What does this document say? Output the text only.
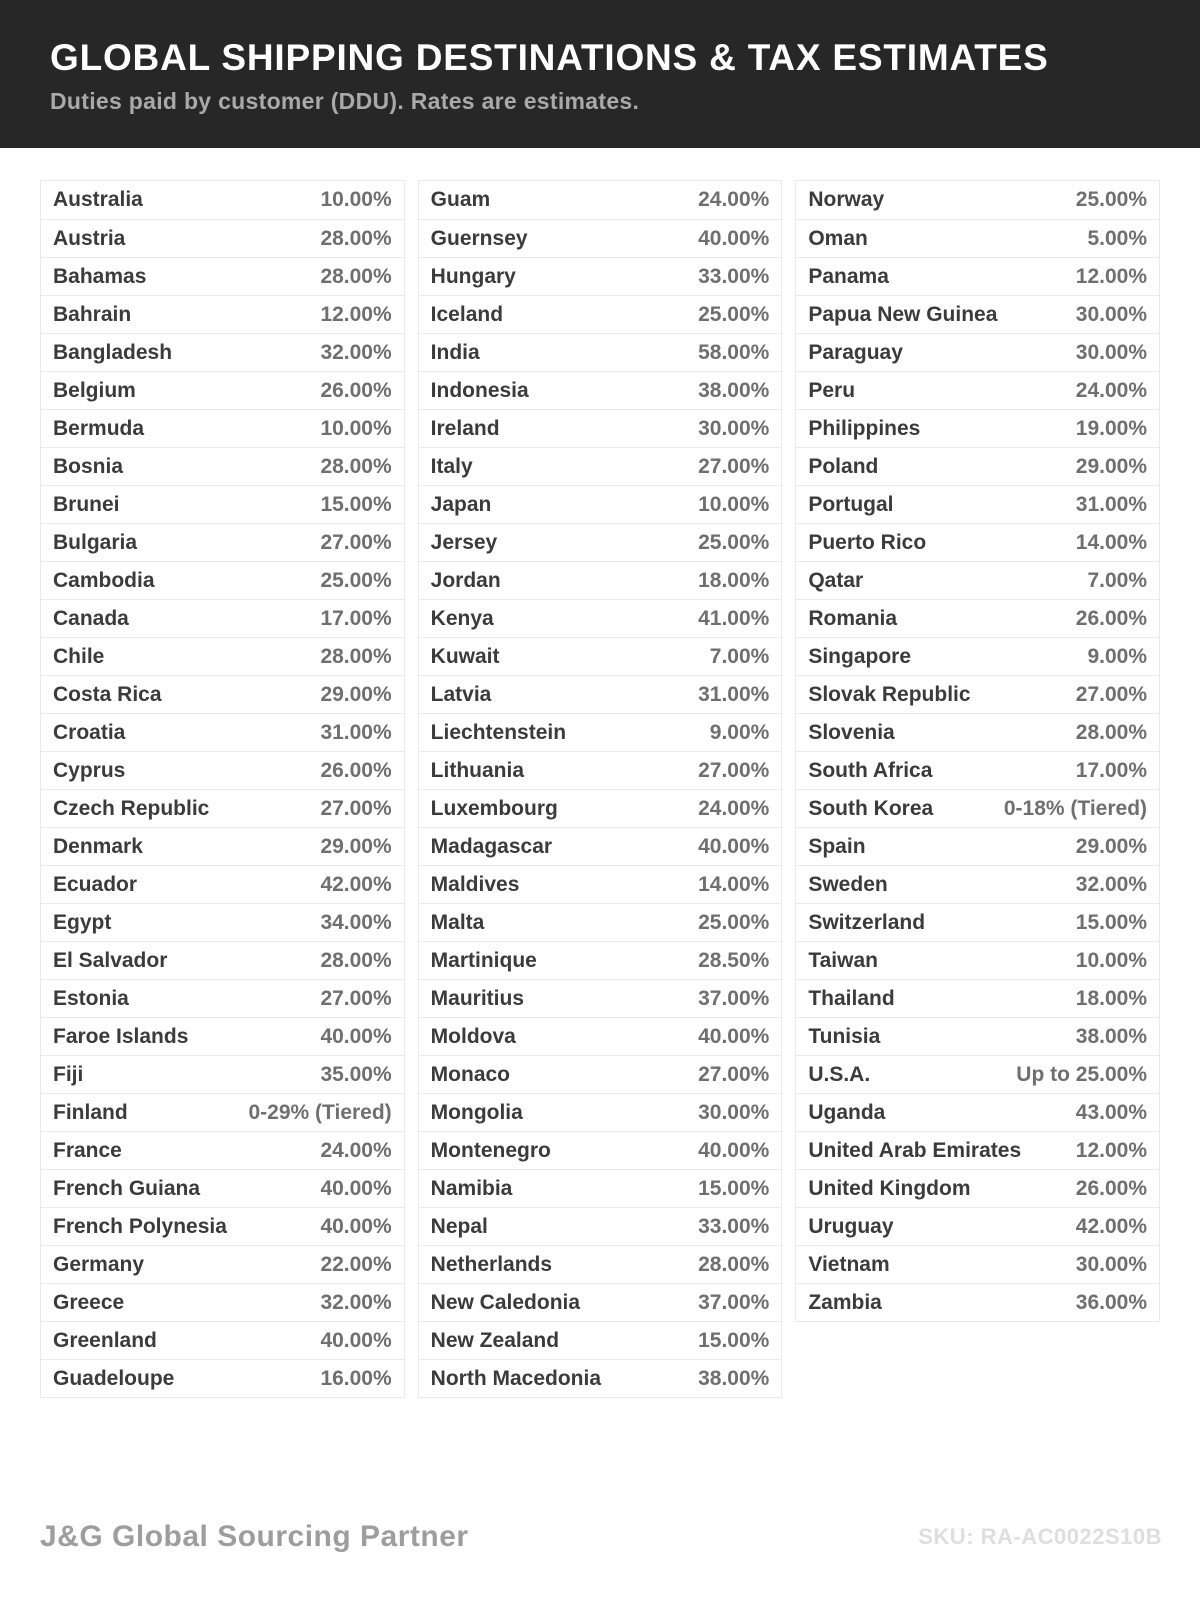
GLOBAL SHIPPING DESTINATIONS & TAX ESTIMATES
Duties paid by customer (DDU). Rates are estimates.
Australia	10.00%
Austria	28.00%
Bahamas	28.00%
Bahrain	12.00%
Bangladesh	32.00%
Belgium	26.00%
Bermuda	10.00%
Bosnia	28.00%
Brunei	15.00%
Bulgaria	27.00%
Cambodia	25.00%
Canada	17.00%
Chile	28.00%
Costa Rica	29.00%
Croatia	31.00%
Cyprus	26.00%
Czech Republic	27.00%
Denmark	29.00%
Ecuador	42.00%
Egypt	34.00%
El Salvador	28.00%
Estonia	27.00%
Faroe Islands	40.00%
Fiji	35.00%
Finland	0-29% (Tiered)
France	24.00%
French Guiana	40.00%
French Polynesia	40.00%
Germany	22.00%
Greece	32.00%
Greenland	40.00%
Guadeloupe	16.00%
Guam	24.00%
Guernsey	40.00%
Hungary	33.00%
Iceland	25.00%
India	58.00%
Indonesia	38.00%
Ireland	30.00%
Italy	27.00%
Japan	10.00%
Jersey	25.00%
Jordan	18.00%
Kenya	41.00%
Kuwait	7.00%
Latvia	31.00%
Liechtenstein	9.00%
Lithuania	27.00%
Luxembourg	24.00%
Madagascar	40.00%
Maldives	14.00%
Malta	25.00%
Martinique	28.50%
Mauritius	37.00%
Moldova	40.00%
Monaco	27.00%
Mongolia	30.00%
Montenegro	40.00%
Namibia	15.00%
Nepal	33.00%
Netherlands	28.00%
New Caledonia	37.00%
New Zealand	15.00%
North Macedonia	38.00%
Norway	25.00%
Oman	5.00%
Panama	12.00%
Papua New Guinea	30.00%
Paraguay	30.00%
Peru	24.00%
Philippines	19.00%
Poland	29.00%
Portugal	31.00%
Puerto Rico	14.00%
Qatar	7.00%
Romania	26.00%
Singapore	9.00%
Slovak Republic	27.00%
Slovenia	28.00%
South Africa	17.00%
South Korea	0-18% (Tiered)
Spain	29.00%
Sweden	32.00%
Switzerland	15.00%
Taiwan	10.00%
Thailand	18.00%
Tunisia	38.00%
U.S.A.	Up to 25.00%
Uganda	43.00%
United Arab Emirates	12.00%
United Kingdom	26.00%
Uruguay	42.00%
Vietnam	30.00%
Zambia	36.00%
J&G Global Sourcing Partner	SKU: RA-AC0022S10B
